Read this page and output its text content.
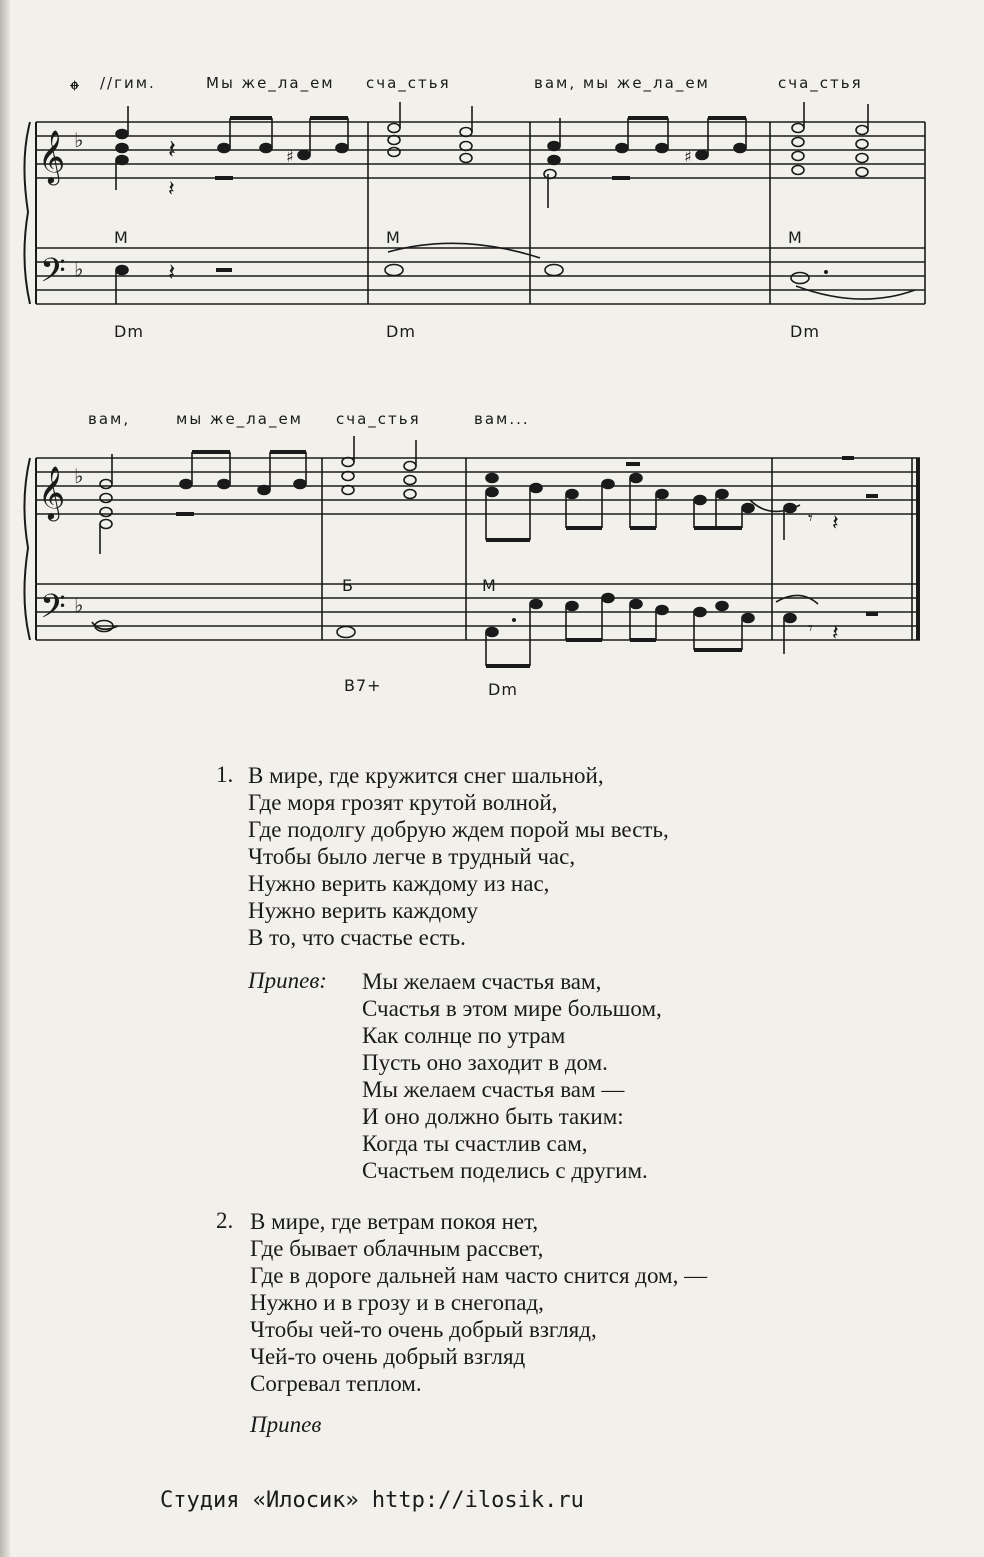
𝄞
𝄢
𝄞
𝄢
♭
♭
♭
♭
𝄽
𝄽
♯	♯
𝄽
𝄾 𝄽
𝄾 𝄽
𝄌 //гим.	Мы же_ла_ем сча_стья	вам, мы же_ла_ем	сча_стья
М	М	М
Dm	Dm	Dm
вам,	мы же_ла_ем сча_стья	вам...
Б	М
B7+	Dm
1. В мире, где кружится снег шальной,
Где моря грозят крутой волной,
Где подолгу добрую ждем порой мы весть,
Чтобы было легче в трудный час,
Нужно верить каждому из нас,
Нужно верить каждому
В то, что счастье есть.
Припев: Мы желаем счастья вам,
Счастья в этом мире большом,
Как солнце по утрам
Пусть оно заходит в дом.
Мы желаем счастья вам —
И оно должно быть таким:
Когда ты счастлив сам,
Счастьем поделись с другим.
2. В мире, где ветрам покоя нет,
Где бывает облачным рассвет,
Где в дороге дальней нам часто снится дом, —
Нужно и в грозу и в снегопад,
Чтобы чей-то очень добрый взгляд,
Чей-то очень добрый взгляд
Согревал теплом.
Припев
Студия «Илосик» http://ilosik.ru
